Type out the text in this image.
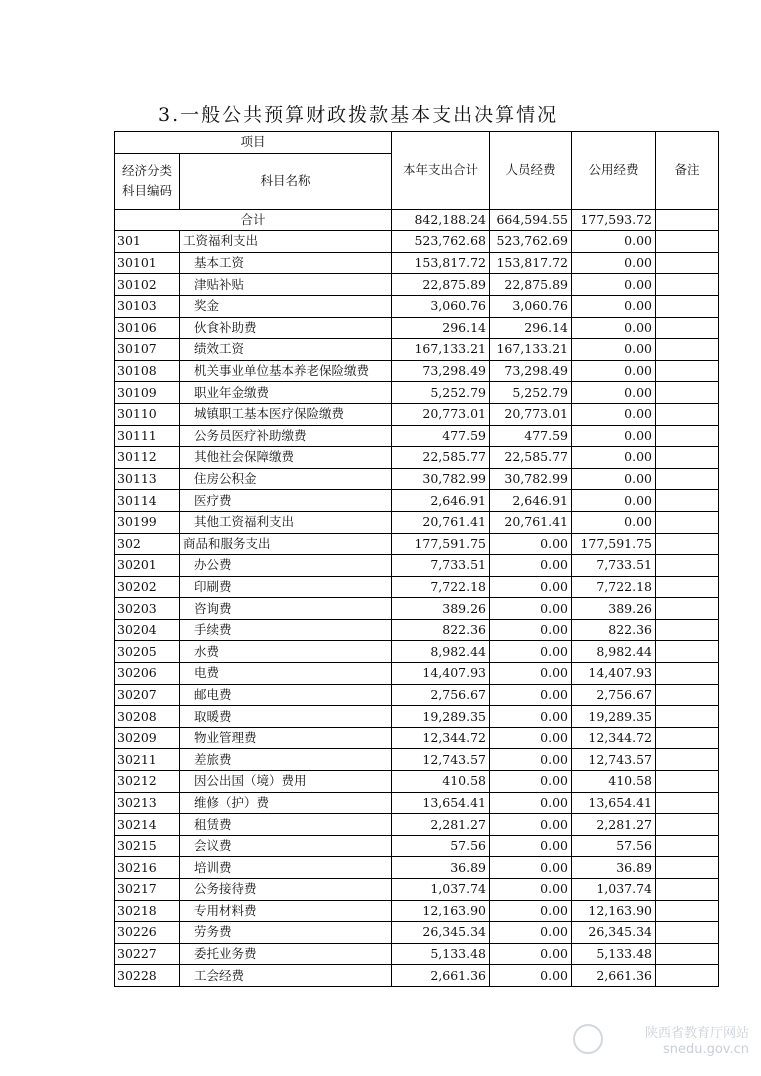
3.一般公共预算财政拨款基本支出决算情况
项目		本年支出合计	人员经费	公用经费	备注

经济分类
科目编码	科目名称				
合计		842,188.24	664,594.55	177,593.72	
301	工资福利支出	523,762.68	523,762.69	0.00	
30101	基本工资	153,817.72	153,817.72	0.00	
30102	津贴补贴	22,875.89	22,875.89	0.00	
30103	奖金	3,060.76	3,060.76	0.00	
30106	伙食补助费	296.14	296.14	0.00	
30107	绩效工资	167,133.21	167,133.21	0.00	
30108	机关事业单位基本养老保险缴费	73,298.49	73,298.49	0.00	
30109	职业年金缴费	5,252.79	5,252.79	0.00	
30110	城镇职工基本医疗保险缴费	20,773.01	20,773.01	0.00	
30111	公务员医疗补助缴费	477.59	477.59	0.00	
30112	其他社会保障缴费	22,585.77	22,585.77	0.00	
30113	住房公积金	30,782.99	30,782.99	0.00	
30114	医疗费	2,646.91	2,646.91	0.00	
30199	其他工资福利支出	20,761.41	20,761.41	0.00	
302	商品和服务支出	177,591.75	0.00	177,591.75	
30201	办公费	7,733.51	0.00	7,733.51	
30202	印刷费	7,722.18	0.00	7,722.18	
30203	咨询费	389.26	0.00	389.26	
30204	手续费	822.36	0.00	822.36	
30205	水费	8,982.44	0.00	8,982.44	
30206	电费	14,407.93	0.00	14,407.93	
30207	邮电费	2,756.67	0.00	2,756.67	
30208	取暖费	19,289.35	0.00	19,289.35	
30209	物业管理费	12,344.72	0.00	12,344.72	
30211	差旅费	12,743.57	0.00	12,743.57	
30212	因公出国（境）费用	410.58	0.00	410.58	
30213	维修（护）费	13,654.41	0.00	13,654.41	
30214	租赁费	2,281.27	0.00	2,281.27	
30215	会议费	57.56	0.00	57.56	
30216	培训费	36.89	0.00	36.89	
30217	公务接待费	1,037.74	0.00	1,037.74	
30218	专用材料费	12,163.90	0.00	12,163.90	
30226	劳务费	26,345.34	0.00	26,345.34	
30227	委托业务费	5,133.48	0.00	5,133.48	
30228	工会经费	2,661.36	0.00	2,661.36	
陕西省教育厅网站
snedu.gov.cn
